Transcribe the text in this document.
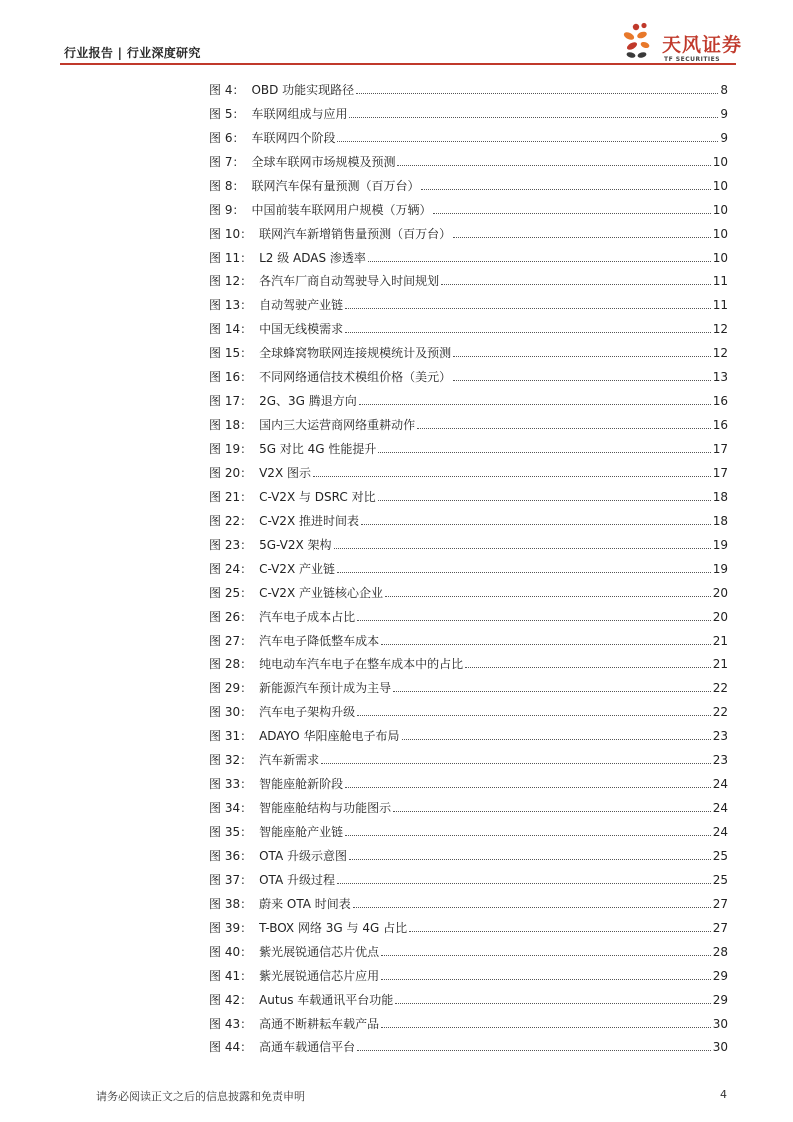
行业报告 | 行业深度研究	天风证券
TF SECURITIES
图 4： OBD 功能实现路径	8
图 5： 车联网组成与应用	9
图 6： 车联网四个阶段	9
图 7： 全球车联网市场规模及预测	10
图 8： 联网汽车保有量预测（百万台）	10
图 9： 中国前装车联网用户规模（万辆）	10
图 10： 联网汽车新增销售量预测（百万台）	10
图 11： L2 级 ADAS 渗透率	10
图 12： 各汽车厂商自动驾驶导入时间规划	11
图 13： 自动驾驶产业链	11
图 14： 中国无线模需求	12
图 15： 全球蜂窝物联网连接规模统计及预测	12
图 16： 不同网络通信技术模组价格（美元）	13
图 17： 2G、3G 腾退方向	16
图 18： 国内三大运营商网络重耕动作	16
图 19： 5G 对比 4G 性能提升	17
图 20： V2X 图示	17
图 21： C-V2X 与 DSRC 对比	18
图 22： C-V2X 推进时间表	18
图 23： 5G-V2X 架构	19
图 24： C-V2X 产业链	19
图 25： C-V2X 产业链核心企业	20
图 26： 汽车电子成本占比	20
图 27： 汽车电子降低整车成本	21
图 28： 纯电动车汽车电子在整车成本中的占比	21
图 29： 新能源汽车预计成为主导	22
图 30： 汽车电子架构升级	22
图 31： ADAYO 华阳座舱电子布局	23
图 32： 汽车新需求	23
图 33： 智能座舱新阶段	24
图 34： 智能座舱结构与功能图示	24
图 35： 智能座舱产业链	24
图 36： OTA 升级示意图	25
图 37： OTA 升级过程	25
图 38： 蔚来 OTA 时间表	27
图 39： T-BOX 网络 3G 与 4G 占比	27
图 40： 紫光展锐通信芯片优点	28
图 41： 紫光展锐通信芯片应用	29
图 42： Autus 车载通讯平台功能	29
图 43： 高通不断耕耘车载产品	30
图 44： 高通车载通信平台	30
请务必阅读正文之后的信息披露和免责申明	4
